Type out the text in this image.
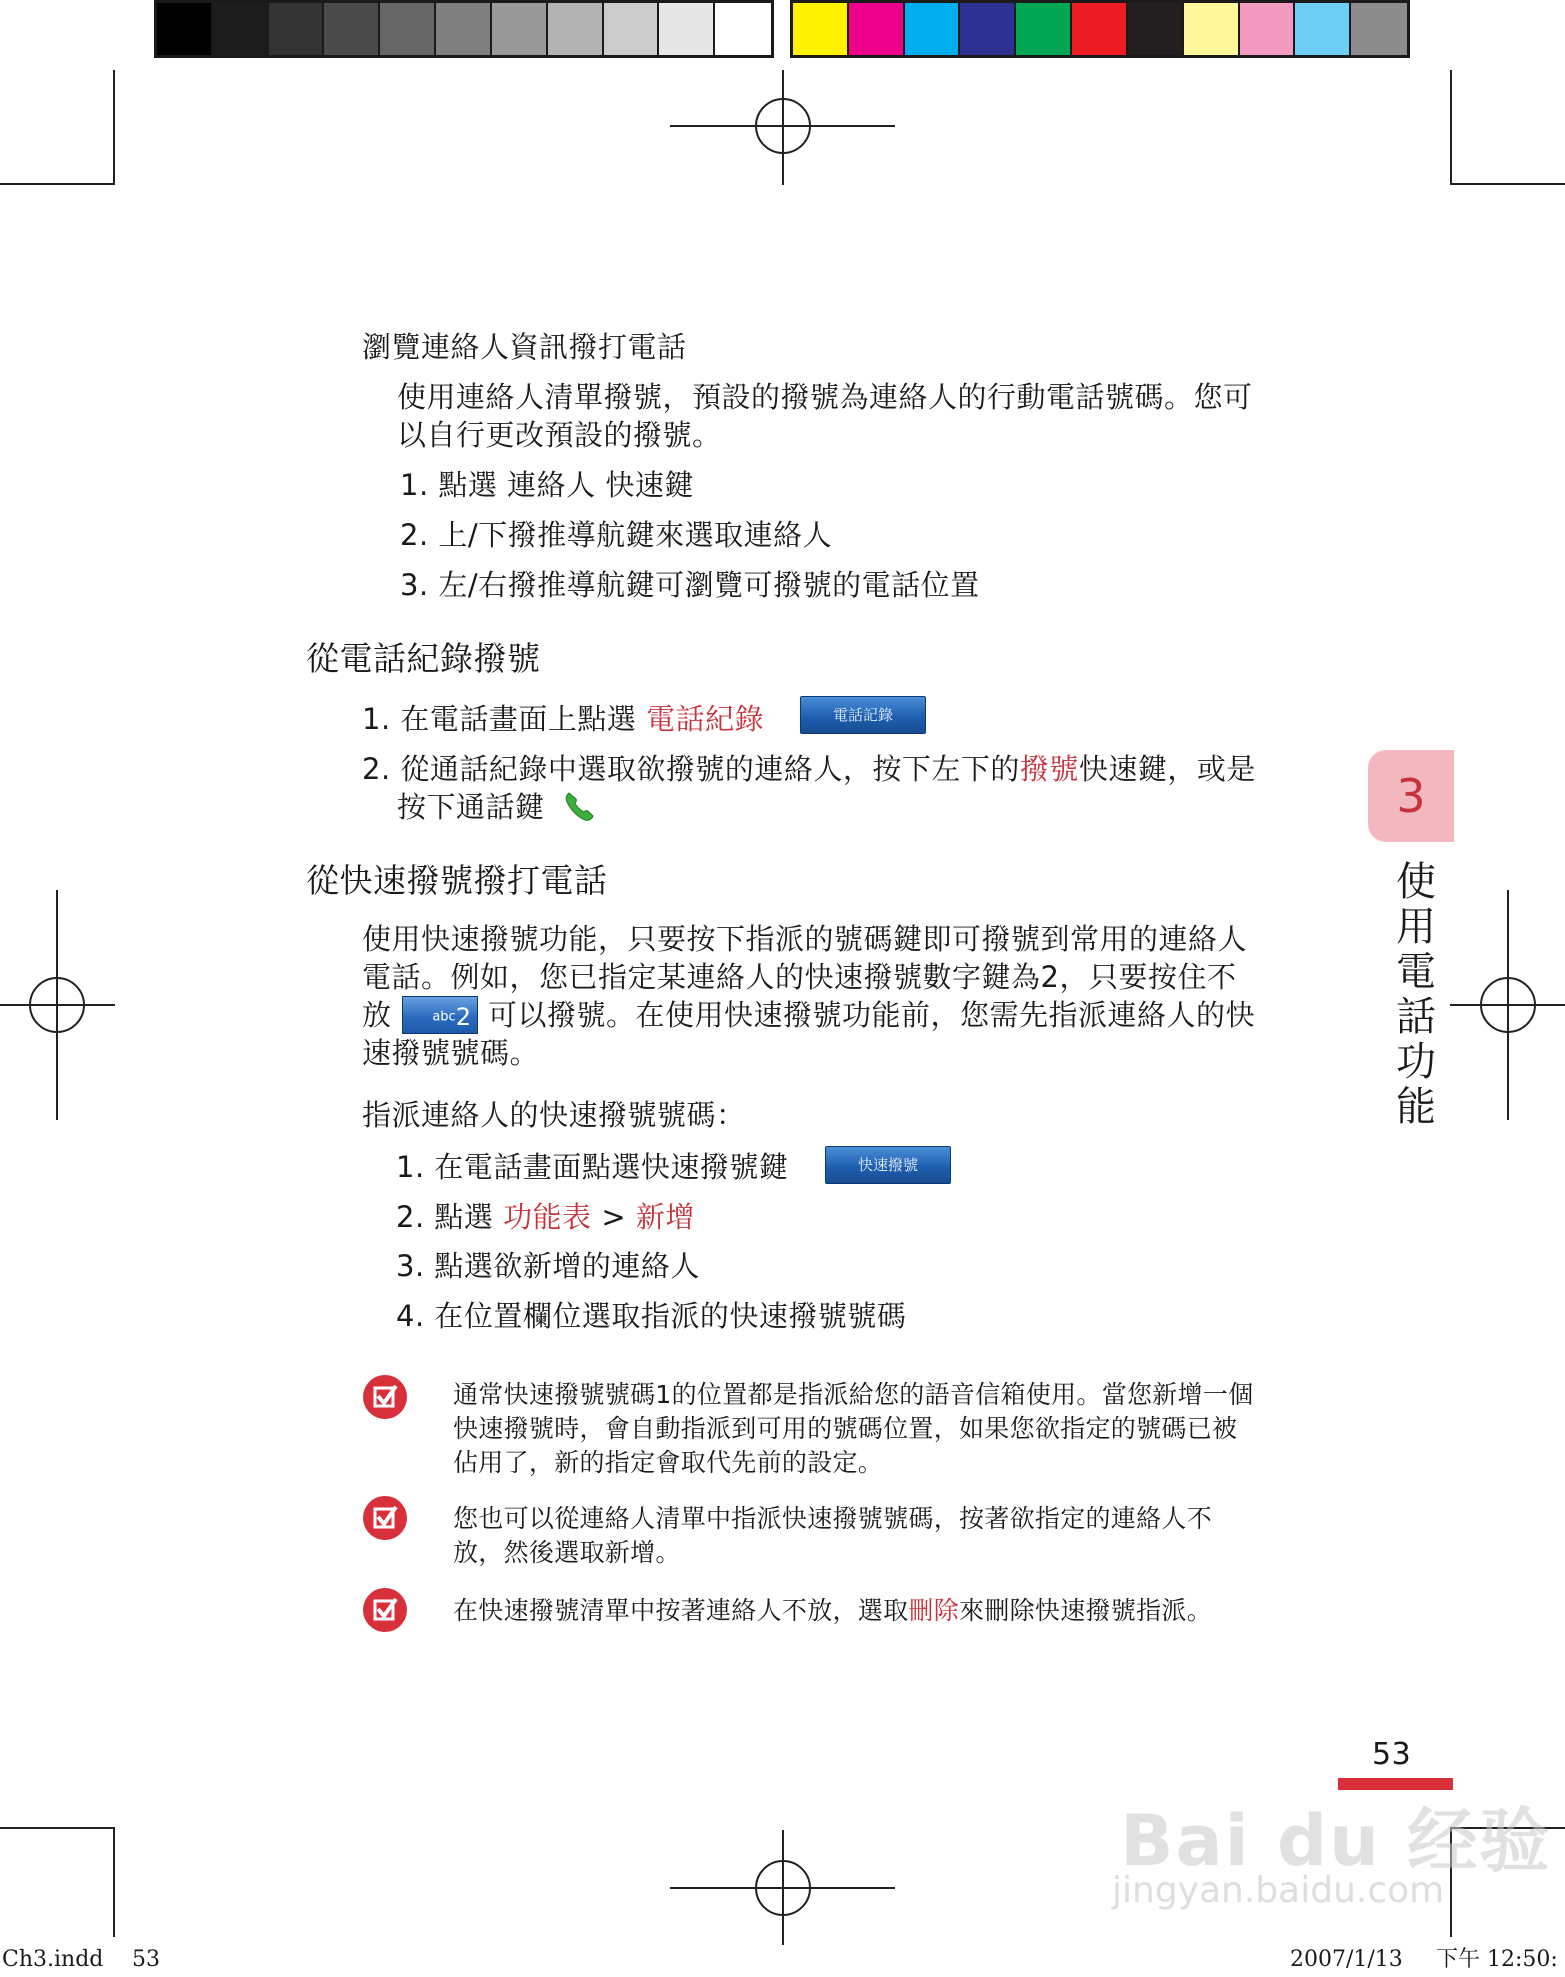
瀏覽連絡人資訊撥打電話
使用連絡人清單撥號，預設的撥號為連絡人的行動電話號碼。您可
以自行更改預設的撥號。
1. 點選 連絡人 快速鍵
2. 上/下撥推導航鍵來選取連絡人
3. 左/右撥推導航鍵可瀏覽可撥號的電話位置
從電話紀錄撥號
1. 在電話畫面上點選 電話紀錄	電話記錄
2. 從通話紀錄中選取欲撥號的連絡人，按下左下的撥號快速鍵，或是
按下通話鍵
從快速撥號撥打電話
使用快速撥號功能，只要按下指派的號碼鍵即可撥號到常用的連絡人
電話。例如，您已指定某連絡人的快速撥號數字鍵為2，只要按住不
放	abc2 可以撥號。在使用快速撥號功能前，您需先指派連絡人的快
速撥號號碼。
指派連絡人的快速撥號號碼：
1. 在電話畫面點選快速撥號鍵	快速撥號
2. 點選 功能表 > 新增
3. 點選欲新增的連絡人
4. 在位置欄位選取指派的快速撥號號碼
通常快速撥號號碼1的位置都是指派給您的語音信箱使用。當您新增一個
快速撥號時，會自動指派到可用的號碼位置，如果您欲指定的號碼已被
佔用了，新的指定會取代先前的設定。
您也可以從連絡人清單中指派快速撥號號碼，按著欲指定的連絡人不
放，然後選取新增。
在快速撥號清單中按著連絡人不放，選取刪除來刪除快速撥號指派。
3
使
用
電
話
功
能
53
Bai du 经验
jingyan.baidu.com
Ch3.indd 53	2007/1/13 下午 12:50:
